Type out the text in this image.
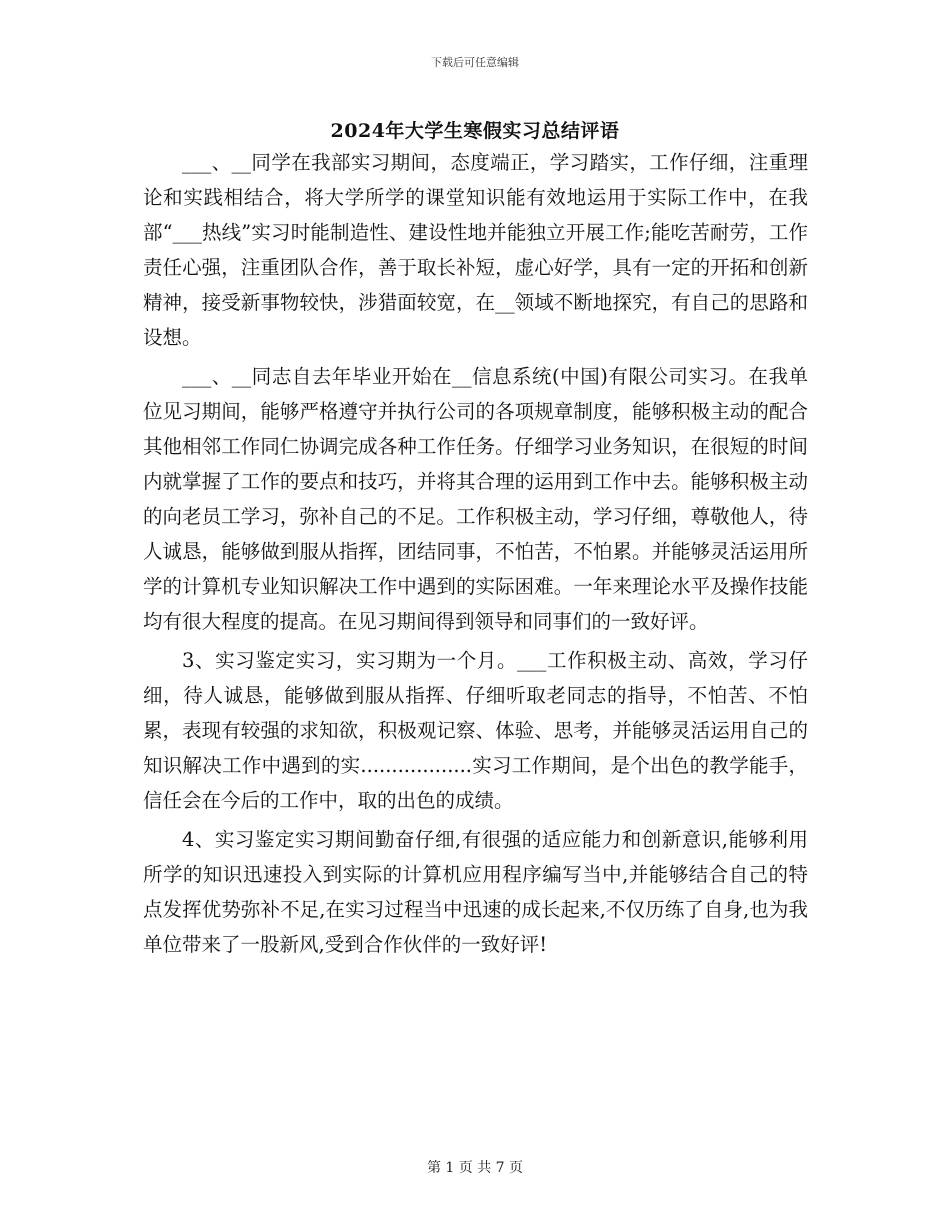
下载后可任意编辑
2024年大学生寒假实习总结评语

___、__同学在我部实习期间，态度端正，学习踏实，工作仔细，注重理论和实践相结合，将大学所学的课堂知识能有效地运用于实际工作中，在我部“___热线”实习时能制造性、建设性地并能独立开展工作;能吃苦耐劳，工作责任心强，注重团队合作，善于取长补短，虚心好学，具有一定的开拓和创新精神，接受新事物较快，涉猎面较宽，在__领域不断地探究，有自己的思路和设想。

___、__同志自去年毕业开始在__信息系统(中国)有限公司实习。在我单位见习期间，能够严格遵守并执行公司的各项规章制度，能够积极主动的配合其他相邻工作同仁协调完成各种工作任务。仔细学习业务知识，在很短的时间内就掌握了工作的要点和技巧，并将其合理的运用到工作中去。能够积极主动的向老员工学习，弥补自己的不足。工作积极主动，学习仔细，尊敬他人，待人诚恳，能够做到服从指挥，团结同事，不怕苦，不怕累。并能够灵活运用所学的计算机专业知识解决工作中遇到的实际困难。一年来理论水平及操作技能均有很大程度的提高。在见习期间得到领导和同事们的一致好评。

3、实习鉴定实习，实习期为一个月。___工作积极主动、高效，学习仔细，待人诚恳，能够做到服从指挥、仔细听取老同志的指导，不怕苦、不怕累，表现有较强的求知欲，积极观记察、体验、思考，并能够灵活运用自己的知识解决工作中遇到的实..................实习工作期间，是个出色的教学能手，信任会在今后的工作中，取的出色的成绩。

4、实习鉴定实习期间勤奋仔细,有很强的适应能力和创新意识,能够利用所学的知识迅速投入到实际的计算机应用程序编写当中,并能够结合自己的特点发挥优势弥补不足,在实习过程当中迅速的成长起来,不仅历练了自身,也为我单位带来了一股新风,受到合作伙伴的一致好评!

第 1 页 共 7 页
